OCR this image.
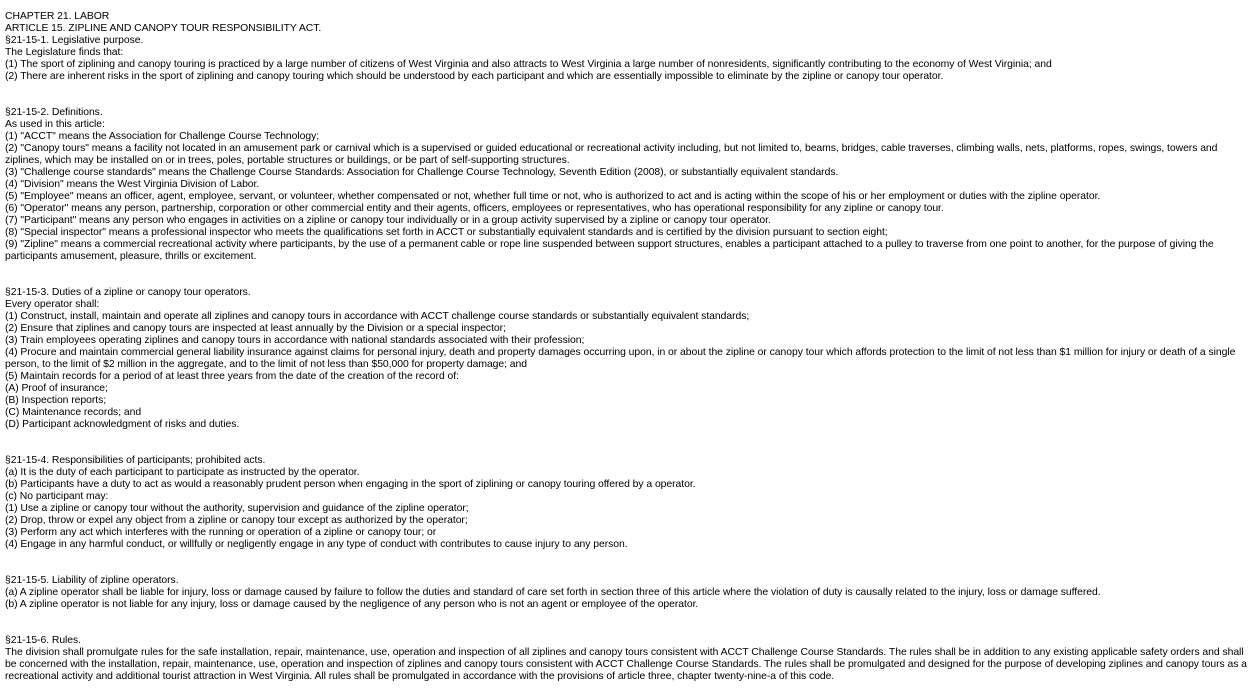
CHAPTER 21. LABOR
ARTICLE 15. ZIPLINE AND CANOPY TOUR RESPONSIBILITY ACT.
§21-15-1. Legislative purpose.
The Legislature finds that:
(1) The sport of ziplining and canopy touring is practiced by a large number of citizens of West Virginia and also attracts to West Virginia a large number of nonresidents, significantly contributing to the economy of West Virginia; and
(2) There are inherent risks in the sport of ziplining and canopy touring which should be understood by each participant and which are essentially impossible to eliminate by the zipline or canopy tour operator.
§21-15-2. Definitions.
As used in this article:
(1) "ACCT" means the Association for Challenge Course Technology;
(2) "Canopy tours" means a facility not located in an amusement park or carnival which is a supervised or guided educational or recreational activity including, but not limited to, beams, bridges, cable traverses, climbing walls, nets, platforms, ropes, swings, towers and ziplines, which may be installed on or in trees, poles, portable structures or buildings, or be part of self-supporting structures.
(3) "Challenge course standards" means the Challenge Course Standards: Association for Challenge Course Technology, Seventh Edition (2008), or substantially equivalent standards.
(4) "Division" means the West Virginia Division of Labor.
(5) "Employee" means an officer, agent, employee, servant, or volunteer, whether compensated or not, whether full time or not, who is authorized to act and is acting within the scope of his or her employment or duties with the zipline operator.
(6) "Operator" means any person, partnership, corporation or other commercial entity and their agents, officers, employees or representatives, who has operational responsibility for any zipline or canopy tour.
(7) "Participant" means any person who engages in activities on a zipline or canopy tour individually or in a group activity supervised by a zipline or canopy tour operator.
(8) "Special inspector" means a professional inspector who meets the qualifications set forth in ACCT or substantially equivalent standards and is certified by the division pursuant to section eight;
(9) "Zipline" means a commercial recreational activity where participants, by the use of a permanent cable or rope line suspended between support structures, enables a participant attached to a pulley to traverse from one point to another, for the purpose of giving the participants amusement, pleasure, thrills or excitement.
§21-15-3. Duties of a zipline or canopy tour operators.
Every operator shall:
(1) Construct, install, maintain and operate all ziplines and canopy tours in accordance with ACCT challenge course standards or substantially equivalent standards;
(2) Ensure that ziplines and canopy tours are inspected at least annually by the Division or a special inspector;
(3) Train employees operating ziplines and canopy tours in accordance with national standards associated with their profession;
(4) Procure and maintain commercial general liability insurance against claims for personal injury, death and property damages occurring upon, in or about the zipline or canopy tour which affords protection to the limit of not less than $1 million for injury or death of a single person, to the limit of $2 million in the aggregate, and to the limit of not less than $50,000 for property damage; and
(5) Maintain records for a period of at least three years from the date of the creation of the record of:
(A) Proof of insurance;
(B) Inspection reports;
(C) Maintenance records; and
(D) Participant acknowledgment of risks and duties.
§21-15-4. Responsibilities of participants; prohibited acts.
(a) It is the duty of each participant to participate as instructed by the operator.
(b) Participants have a duty to act as would a reasonably prudent person when engaging in the sport of ziplining or canopy touring offered by a operator.
(c) No participant may:
(1) Use a zipline or canopy tour without the authority, supervision and guidance of the zipline operator;
(2) Drop, throw or expel any object from a zipline or canopy tour except as authorized by the operator;
(3) Perform any act which interferes with the running or operation of a zipline or canopy tour; or
(4) Engage in any harmful conduct, or willfully or negligently engage in any type of conduct with contributes to cause injury to any person.
§21-15-5. Liability of zipline operators.
(a) A zipline operator shall be liable for injury, loss or damage caused by failure to follow the duties and standard of care set forth in section three of this article where the violation of duty is causally related to the injury, loss or damage suffered.
(b) A zipline operator is not liable for any injury, loss or damage caused by the negligence of any person who is not an agent or employee of the operator.
§21-15-6. Rules.
The division shall promulgate rules for the safe installation, repair, maintenance, use, operation and inspection of all ziplines and canopy tours consistent with ACCT Challenge Course Standards. The rules shall be in addition to any existing applicable safety orders and shall be concerned with the installation, repair, maintenance, use, operation and inspection of ziplines and canopy tours consistent with ACCT Challenge Course Standards. The rules shall be promulgated and designed for the purpose of developing ziplines and canopy tours as a recreational activity and additional tourist attraction in West Virginia. All rules shall be promulgated in accordance with the provisions of article three, chapter twenty-nine-a of this code.
